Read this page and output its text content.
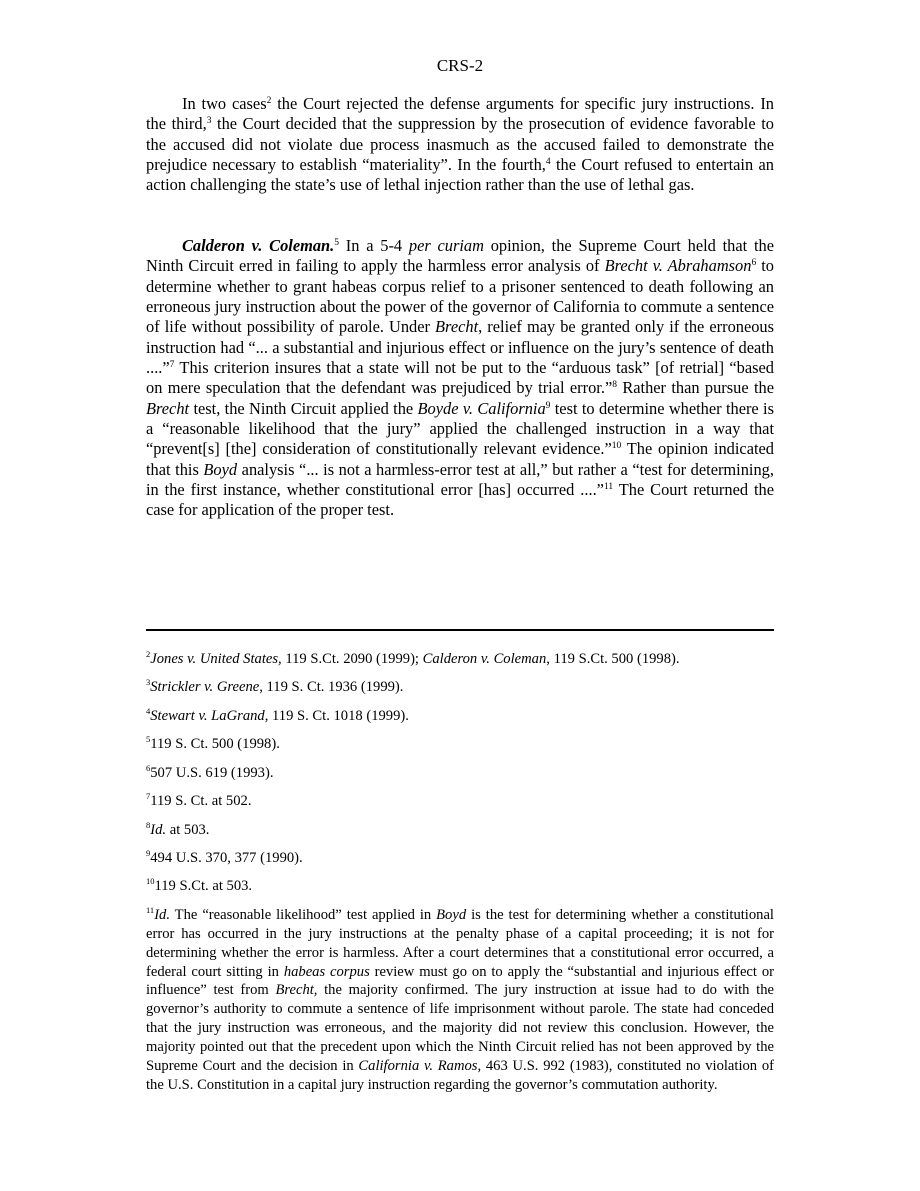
CRS-2

In two cases$^2$ the Court rejected the defense arguments for specific jury instructions. In the third,$^3$ the Court decided that the suppression by the prosecution of evidence favorable to the accused did not violate due process inasmuch as the accused failed to demonstrate the prejudice necessary to establish “materiality”. In the fourth,$^4$ the Court refused to entertain an action challenging the state’s use of lethal injection rather than the use of lethal gas.

Calderon v. Coleman.$^5$ In a 5-4 per curiam opinion, the Supreme Court held that the Ninth Circuit erred in failing to apply the harmless error analysis of Brecht v. Abrahamson$^6$ to determine whether to grant habeas corpus relief to a prisoner sentenced to death following an erroneous jury instruction about the power of the governor of California to commute a sentence of life without possibility of parole. Under Brecht, relief may be granted only if the erroneous instruction had “... a substantial and injurious effect or influence on the jury’s sentence of death ....”$^7$ This criterion insures that a state will not be put to the “arduous task” [of retrial] “based on mere speculation that the defendant was prejudiced by trial error.”$^8$ Rather than pursue the Brecht test, the Ninth Circuit applied the Boyde v. California$^9$ test to determine whether there is a “reasonable likelihood that the jury” applied the challenged instruction in a way that “prevent[s] [the] consideration of constitutionally relevant evidence.”$^{10}$ The opinion indicated that this Boyd analysis “... is not a harmless-error test at all,” but rather a “test for determining, in the first instance, whether constitutional error [has] occurred ....”$^{11}$ The Court returned the case for application of the proper test.

$^2$Jones v. United States, 119 S.Ct. 2090 (1999); Calderon v. Coleman, 119 S.Ct. 500 (1998).

$^3$Strickler v. Greene, 119 S. Ct. 1936 (1999).

$^4$Stewart v. LaGrand, 119 S. Ct. 1018 (1999).

$^5$119 S. Ct. 500 (1998).

$^6$507 U.S. 619 (1993).

$^7$119 S. Ct. at 502.

$^8$Id. at 503.

$^9$494 U.S. 370, 377 (1990).

$^{10}$119 S.Ct. at 503.

$^{11}$Id. The “reasonable likelihood” test applied in Boyd is the test for determining whether a constitutional error has occurred in the jury instructions at the penalty phase of a capital proceeding; it is not for determining whether the error is harmless. After a court determines that a constitutional error occurred, a federal court sitting in habeas corpus review must go on to apply the “substantial and injurious effect or influence” test from Brecht, the majority confirmed. The jury instruction at issue had to do with the governor’s authority to commute a sentence of life imprisonment without parole. The state had conceded that the jury instruction was erroneous, and the majority did not review this conclusion. However, the majority pointed out that the precedent upon which the Ninth Circuit relied has not been approved by the Supreme Court and the decision in California v. Ramos, 463 U.S. 992 (1983), constituted no violation of the U.S. Constitution in a capital jury instruction regarding the governor’s commutation authority.
